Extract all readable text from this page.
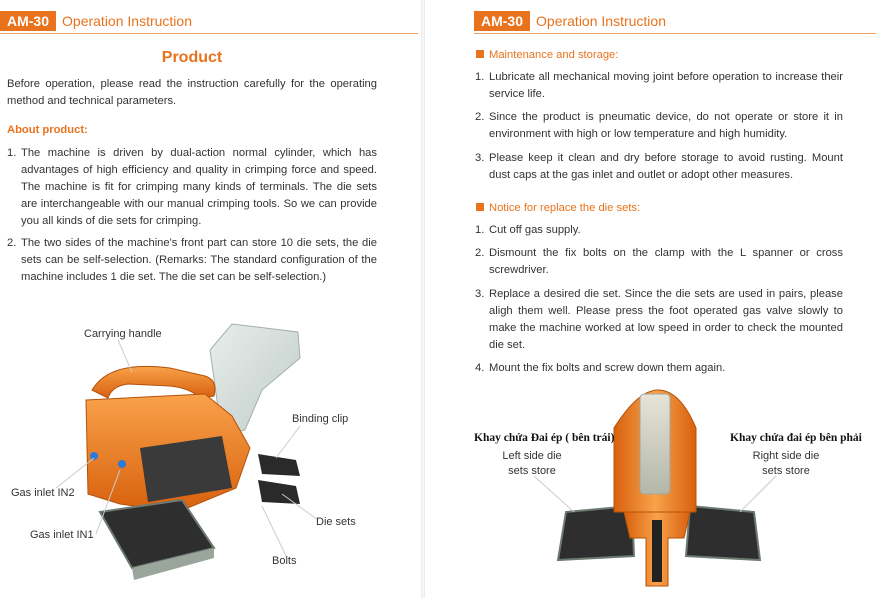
AM-30 Operation Instruction
Product
Before operation, please read the instruction carefully for the operating method and technical parameters.
About product:
1. The machine is driven by dual-action normal cylinder, which has advantages of high efficiency and quality in crimping force and speed. The machine is fit for crimping many kinds of terminals. The die sets are interchangeable with our manual crimping tools. So we can provide you all kinds of die sets for crimping.
2. The two sides of the machine's front part can store 10 die sets, the die sets can be self-selection. (Remarks: The standard configuration of the machine includes 1 die set. The die set can be self-selection.)
Carrying handle
Binding clip
Gas inlet IN2
Gas inlet IN1
Die sets
Bolts
AM-30 Operation Instruction
Maintenance and storage:
1. Lubricate all mechanical moving joint before operation to increase their service life.
2. Since the product is pneumatic device, do not operate or store it in environment with high or low temperature and high humidity.
3. Please keep it clean and dry before storage to avoid rusting. Mount dust caps at the gas inlet and outlet or adopt other measures.
Notice for replace the die sets:
1. Cut off gas supply.
2. Dismount the fix bolts on the clamp with the L spanner or cross screwdriver.
3. Replace a desired die set. Since the die sets are used in pairs, please aligh them well. Please press the foot operated gas valve slowly to make the machine worked at low speed in order to check the mounted die set.
4. Mount the fix bolts and screw down them again.
Khay chứa Đai ép ( bên trái)	Khay chứa đai ép bên phải
Left side die sets store
Right side die sets store
